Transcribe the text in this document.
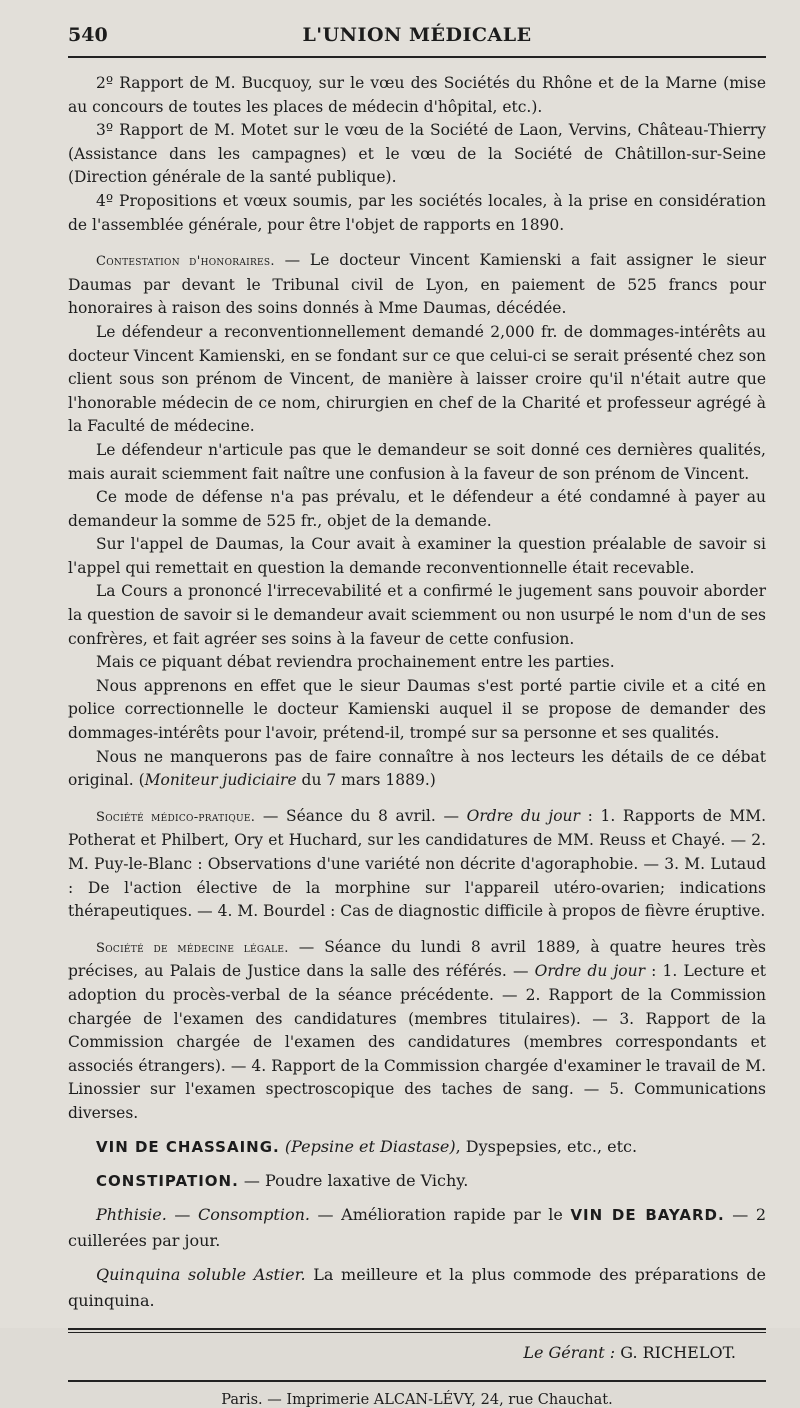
540	L'UNION MÉDICALE

2º Rapport de M. Bucquoy, sur le vœu des Sociétés du Rhône et de la Marne (mise au concours de toutes les places de médecin d'hôpital, etc.).

3º Rapport de M. Motet sur le vœu de la Société de Laon, Vervins, Château-Thierry (Assistance dans les campagnes) et le vœu de la Société de Châtillon-sur-Seine (Direction générale de la santé publique).

4º Propositions et vœux soumis, par les sociétés locales, à la prise en considération de l'assemblée générale, pour être l'objet de rapports en 1890.

Contestation d'honoraires. — Le docteur Vincent Kamienski a fait assigner le sieur Daumas par devant le Tribunal civil de Lyon, en paiement de 525 francs pour honoraires à raison des soins donnés à Mme Daumas, décédée.

Le défendeur a reconventionnellement demandé 2,000 fr. de dommages-intérêts au docteur Vincent Kamienski, en se fondant sur ce que celui-ci se serait présenté chez son client sous son prénom de Vincent, de manière à laisser croire qu'il n'était autre que l'honorable médecin de ce nom, chirurgien en chef de la Charité et professeur agrégé à la Faculté de médecine.

Le défendeur n'articule pas que le demandeur se soit donné ces dernières qualités, mais aurait sciemment fait naître une confusion à la faveur de son prénom de Vincent.

Ce mode de défense n'a pas prévalu, et le défendeur a été condamné à payer au demandeur la somme de 525 fr., objet de la demande.

Sur l'appel de Daumas, la Cour avait à examiner la question préalable de savoir si l'appel qui remettait en question la demande reconventionnelle était recevable.

La Cours a prononcé l'irrecevabilité et a confirmé le jugement sans pouvoir aborder la question de savoir si le demandeur avait sciemment ou non usurpé le nom d'un de ses confrères, et fait agréer ses soins à la faveur de cette confusion.

Mais ce piquant débat reviendra prochainement entre les parties.

Nous apprenons en effet que le sieur Daumas s'est porté partie civile et a cité en police correctionnelle le docteur Kamienski auquel il se propose de demander des dommages-intérêts pour l'avoir, prétend-il, trompé sur sa personne et ses qualités.

Nous ne manquerons pas de faire connaître à nos lecteurs les détails de ce débat original. (Moniteur judiciaire du 7 mars 1889.)

Société médico-pratique. — Séance du 8 avril. — Ordre du jour : 1. Rapports de MM. Potherat et Philbert, Ory et Huchard, sur les candidatures de MM. Reuss et Chayé. — 2. M. Puy-le-Blanc : Observations d'une variété non décrite d'agoraphobie. — 3. M. Lutaud : De l'action élective de la morphine sur l'appareil utéro-ovarien; indications thérapeutiques. — 4. M. Bourdel : Cas de diagnostic difficile à propos de fièvre éruptive.

Société de médecine légale. — Séance du lundi 8 avril 1889, à quatre heures très précises, au Palais de Justice dans la salle des référés. — Ordre du jour : 1. Lecture et adoption du procès-verbal de la séance précédente. — 2. Rapport de la Commission chargée de l'examen des candidatures (membres titulaires). — 3. Rapport de la Commission chargée de l'examen des candidatures (membres correspondants et associés étrangers). — 4. Rapport de la Commission chargée d'examiner le travail de M. Linossier sur l'examen spectroscopique des taches de sang. — 5. Communications diverses.

VIN DE CHASSAING. (Pepsine et Diastase), Dyspepsies, etc., etc.

CONSTIPATION. — Poudre laxative de Vichy.

Phthisie. — Consomption. — Amélioration rapide par le VIN DE BAYARD. — 2 cuillerées par jour.

Quinquina soluble Astier. La meilleure et la plus commode des préparations de quinquina.

Le Gérant : G. RICHELOT.
Paris. — Imprimerie ALCAN-LÉVY, 24, rue Chauchat.
